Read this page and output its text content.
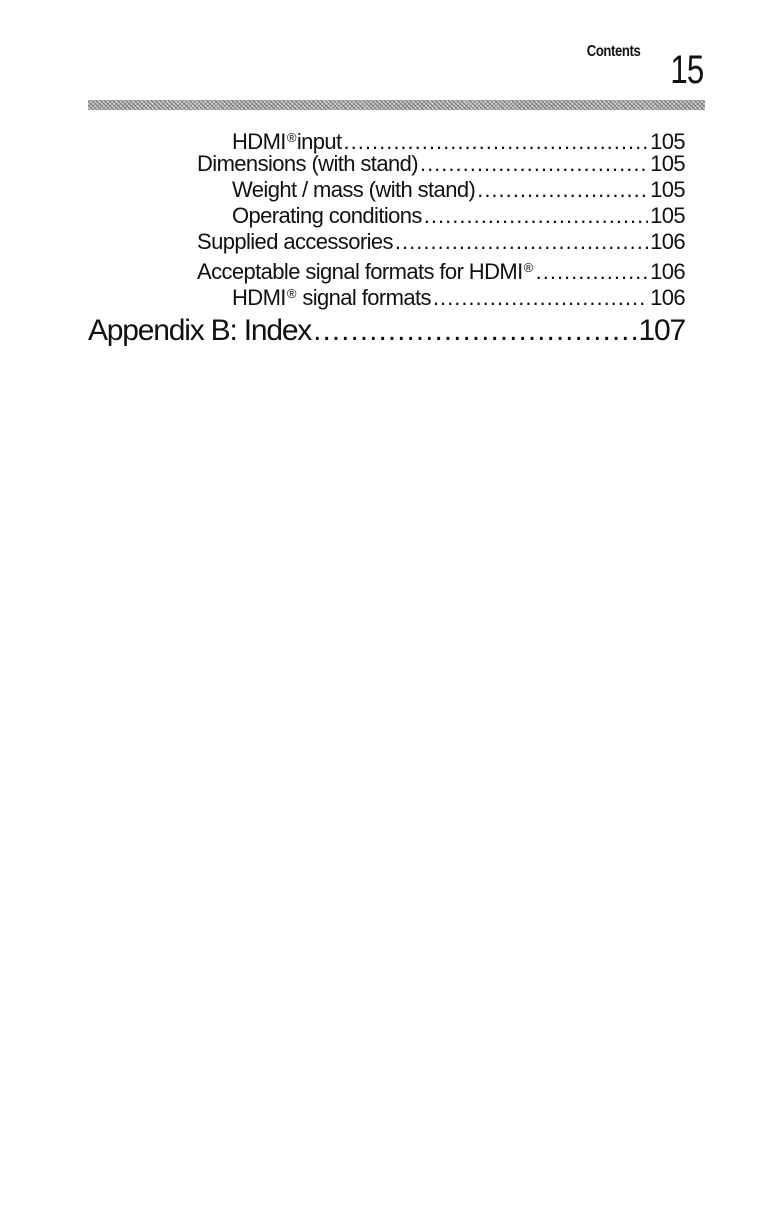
Contents 15
HDMI®input .....	105
Dimensions (with stand) .....	105
Weight / mass (with stand) .....	105
Operating conditions .....	105
Supplied accessories .....	106
Acceptable signal formats for HDMI® .....	106
HDMI® signal formats .....	106
Appendix B: Index .....	107
